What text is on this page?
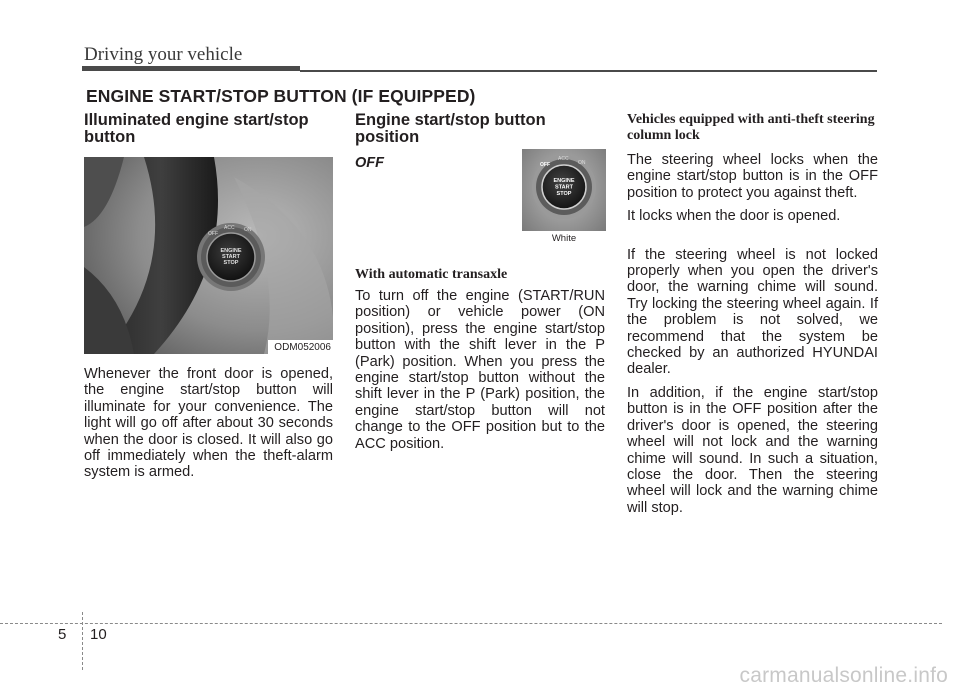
Driving your vehicle
ENGINE START/STOP BUTTON (IF EQUIPPED)
Illuminated engine start/stop button
ENGINE
START
STOP
OFF
ACC ON
ODM052006

Whenever the front door is opened, the engine start/stop button will illuminate for your convenience. The light will go off after about 30 seconds when the door is closed. It will also go off immediately when the theft-alarm system is armed.

Engine start/stop button position
OFF
ENGINE
START
STOP
OFF
ACC
ON
White
With automatic transaxle

To turn off the engine (START/RUN position) or vehicle power (ON position), press the engine start/stop button with the shift lever in the P (Park) position. When you press the engine start/stop button without the shift lever in the P (Park) position, the engine start/stop button will not change to the OFF position but to the ACC position.

Vehicles equipped with anti-theft steering column lock

The steering wheel locks when the engine start/stop button is in the OFF position to protect you against theft.

It locks when the door is opened.

If the steering wheel is not locked properly when you open the driver's door, the warning chime will sound. Try locking the steering wheel again. If the problem is not solved, we recommend that the system be checked by an authorized HYUNDAI dealer.

In addition, if the engine start/stop button is in the OFF position after the driver's door is opened, the steering wheel will not lock and the warning chime will sound. In such a situation, close the door. Then the steering wheel will lock and the warning chime will stop.

5 10
carmanualsonline.info
